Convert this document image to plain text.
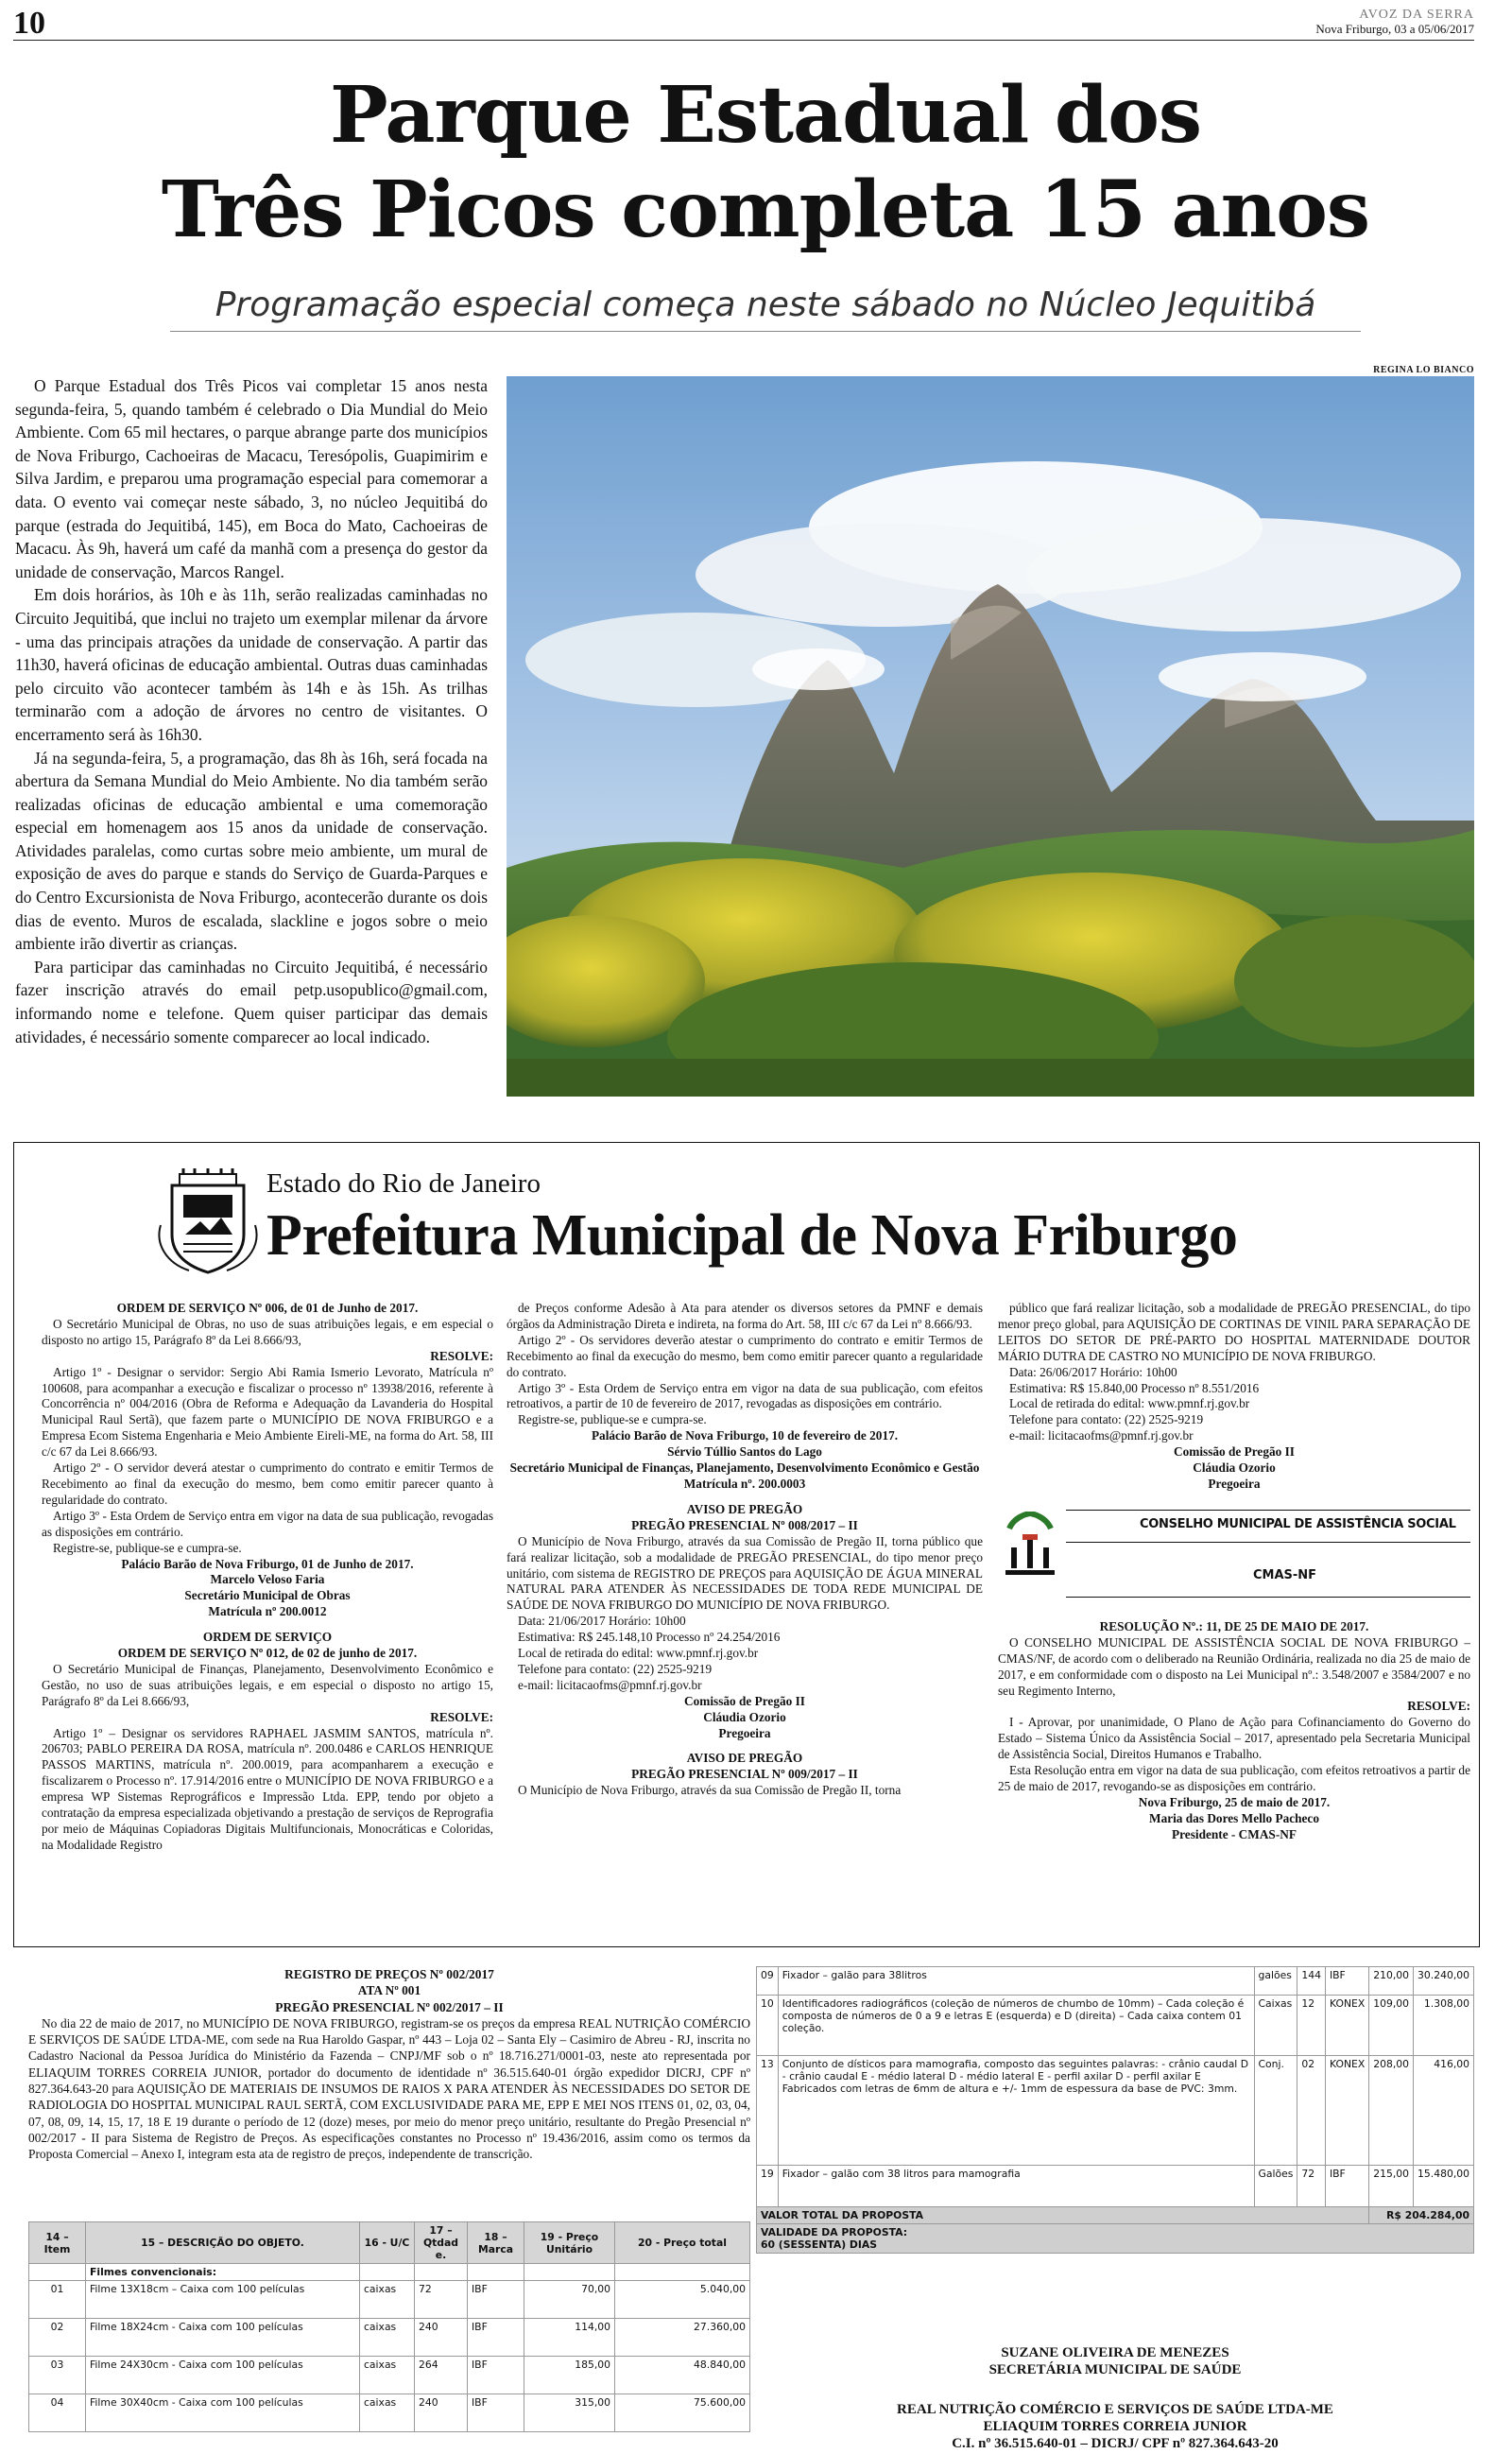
10	AVOZ DA SERRA
Nova Friburgo, 03 a 05/06/2017
Parque Estadual dos
Três Picos completa 15 anos
Programação especial começa neste sábado no Núcleo Jequitibá

O Parque Estadual dos Três Picos vai completar 15 anos nesta segunda-feira, 5, quando também é celebrado o Dia Mundial do Meio Ambiente. Com 65 mil hectares, o parque abrange parte dos municípios de Nova Friburgo, Cachoeiras de Macacu, Teresópolis, Guapimirim e Silva Jardim, e preparou uma programação especial para comemorar a data. O evento vai começar neste sábado, 3, no núcleo Jequitibá do parque (estrada do Jequitibá, 145), em Boca do Mato, Cachoeiras de Macacu. Às 9h, haverá um café da manhã com a presença do gestor da unidade de conservação, Marcos Rangel.

Em dois horários, às 10h e às 11h, serão realizadas caminhadas no Circuito Jequitibá, que inclui no trajeto um exemplar milenar da árvore - uma das principais atrações da unidade de conservação. A partir das 11h30, haverá oficinas de educação ambiental. Outras duas caminhadas pelo circuito vão acontecer também às 14h e às 15h. As trilhas terminarão com a adoção de árvores no centro de visitantes. O encerramento será às 16h30.

Já na segunda-feira, 5, a programação, das 8h às 16h, será focada na abertura da Semana Mundial do Meio Ambiente. No dia também serão realizadas oficinas de educação ambiental e uma comemoração especial em homenagem aos 15 anos da unidade de conservação. Atividades paralelas, como curtas sobre meio ambiente, um mural de exposição de aves do parque e stands do Serviço de Guarda-Parques e do Centro Excursionista de Nova Friburgo, acontecerão durante os dois dias de evento. Muros de escalada, slackline e jogos sobre o meio ambiente irão divertir as crianças.

Para participar das caminhadas no Circuito Jequitibá, é necessário fazer inscrição através do email petp.usopublico@gmail.com, informando nome e telefone. Quem quiser participar das demais atividades, é necessário somente comparecer ao local indicado.

REGINA LO BIANCO
Estado do Rio de Janeiro
Prefeitura Municipal de Nova Friburgo

ORDEM DE SERVIÇO Nº 006, de 01 de Junho de 2017.

O Secretário Municipal de Obras, no uso de suas atribuições legais, e em especial o disposto no artigo 15, Parágrafo 8º da Lei 8.666/93,

RESOLVE:

Artigo 1º - Designar o servidor: Sergio Abi Ramia Ismerio Levorato, Matrícula nº 100608, para acompanhar a execução e fiscalizar o processo nº 13938/2016, referente à Concorrência nº 004/2016 (Obra de Reforma e Adequação da Lavanderia do Hospital Municipal Raul Sertã), que fazem parte o MUNICÍPIO DE NOVA FRIBURGO e a Empresa Ecom Sistema Engenharia e Meio Ambiente Eireli-ME, na forma do Art. 58, III c/c 67 da Lei 8.666/93.

Artigo 2º - O servidor deverá atestar o cumprimento do contrato e emitir Termos de Recebimento ao final da execução do mesmo, bem como emitir parecer quanto à regularidade do contrato.

Artigo 3º - Esta Ordem de Serviço entra em vigor na data de sua publicação, revogadas as disposições em contrário.

Registre-se, publique-se e cumpra-se.

Palácio Barão de Nova Friburgo, 01 de Junho de 2017.

Marcelo Veloso Faria

Secretário Municipal de Obras

Matrícula nº 200.0012

ORDEM DE SERVIÇO

ORDEM DE SERVIÇO Nº 012, de 02 de junho de 2017.

O Secretário Municipal de Finanças, Planejamento, Desenvolvimento Econômico e Gestão, no uso de suas atribuições legais, e em especial o disposto no artigo 15, Parágrafo 8º da Lei 8.666/93,

RESOLVE:

Artigo 1º – Designar os servidores RAPHAEL JASMIM SANTOS, matrícula nº. 206703; PABLO PEREIRA DA ROSA, matrícula nº. 200.0486 e CARLOS HENRIQUE PASSOS MARTINS, matrícula nº. 200.0019, para acompanharem a execução e fiscalizarem o Processo nº. 17.914/2016 entre o MUNICÍPIO DE NOVA FRIBURGO e a empresa WP Sistemas Reprográficos e Impressão Ltda. EPP, tendo por objeto a contratação da empresa especializada objetivando a prestação de serviços de Reprografia por meio de Máquinas Copiadoras Digitais Multifuncionais, Monocráticas e Coloridas, na Modalidade Registro

de Preços conforme Adesão à Ata para atender os diversos setores da PMNF e demais órgãos da Administração Direta e indireta, na forma do Art. 58, III c/c 67 da Lei nº 8.666/93.

Artigo 2º - Os servidores deverão atestar o cumprimento do contrato e emitir Termos de Recebimento ao final da execução do mesmo, bem como emitir parecer quanto a regularidade do contrato.

Artigo 3º - Esta Ordem de Serviço entra em vigor na data de sua publicação, com efeitos retroativos, a partir de 10 de fevereiro de 2017, revogadas as disposições em contrário.

Registre-se, publique-se e cumpra-se.

Palácio Barão de Nova Friburgo, 10 de fevereiro de 2017.

Sérvio Túllio Santos do Lago

Secretário Municipal de Finanças, Planejamento, Desenvolvimento Econômico e Gestão

Matrícula nº. 200.0003

AVISO DE PREGÃO

PREGÃO PRESENCIAL Nº 008/2017 – II

O Município de Nova Friburgo, através da sua Comissão de Pregão II, torna público que fará realizar licitação, sob a modalidade de PREGÃO PRESENCIAL, do tipo menor preço unitário, com sistema de REGISTRO DE PREÇOS para AQUISIÇÃO DE ÁGUA MINERAL NATURAL PARA ATENDER ÀS NECESSIDADES DE TODA REDE MUNICIPAL DE SAÚDE DE NOVA FRIBURGO DO MUNICÍPIO DE NOVA FRIBURGO.

Data: 21/06/2017 Horário: 10h00

Estimativa: R$ 245.148,10 Processo nº 24.254/2016

Local de retirada do edital: www.pmnf.rj.gov.br

Telefone para contato: (22) 2525-9219

e-mail: licitacaofms@pmnf.rj.gov.br

Comissão de Pregão II

Cláudia Ozorio

Pregoeira

AVISO DE PREGÃO

PREGÃO PRESENCIAL Nº 009/2017 – II

O Município de Nova Friburgo, através da sua Comissão de Pregão II, torna

público que fará realizar licitação, sob a modalidade de PREGÃO PRESENCIAL, do tipo menor preço global, para AQUISIÇÃO DE CORTINAS DE VINIL PARA SEPARAÇÃO DE LEITOS DO SETOR DE PRÉ-PARTO DO HOSPITAL MATERNIDADE DOUTOR MÁRIO DUTRA DE CASTRO NO MUNICÍPIO DE NOVA FRIBURGO.

Data: 26/06/2017 Horário: 10h00

Estimativa: R$ 15.840,00 Processo nº 8.551/2016

Local de retirada do edital: www.pmnf.rj.gov.br

Telefone para contato: (22) 2525-9219

e-mail: licitacaofms@pmnf.rj.gov.br

Comissão de Pregão II

Cláudia Ozorio

Pregoeira

CONSELHO MUNICIPAL DE ASSISTÊNCIA SOCIAL
CMAS-NF

RESOLUÇÃO Nº.: 11, DE 25 DE MAIO DE 2017.

O CONSELHO MUNICIPAL DE ASSISTÊNCIA SOCIAL DE NOVA FRIBURGO – CMAS/NF, de acordo com o deliberado na Reunião Ordinária, realizada no dia 25 de maio de 2017, e em conformidade com o disposto na Lei Municipal nº.: 3.548/2007 e 3584/2007 e no seu Regimento Interno,

RESOLVE:

I - Aprovar, por unanimidade, O Plano de Ação para Cofinanciamento do Governo do Estado – Sistema Único da Assistência Social – 2017, apresentado pela Secretaria Municipal de Assistência Social, Direitos Humanos e Trabalho.

Esta Resolução entra em vigor na data de sua publicação, com efeitos retroativos a partir de 25 de maio de 2017, revogando-se as disposições em contrário.

Nova Friburgo, 25 de maio de 2017.

Maria das Dores Mello Pacheco

Presidente - CMAS-NF

REGISTRO DE PREÇOS Nº 002/2017
ATA Nº 001
PREGÃO PRESENCIAL Nº 002/2017 – II

No dia 22 de maio de 2017, no MUNICÍPIO DE NOVA FRIBURGO, registram-se os preços da empresa REAL NUTRIÇÃO COMÉRCIO E SERVIÇOS DE SAÚDE LTDA-ME, com sede na Rua Haroldo Gaspar, nº 443 – Loja 02 – Santa Ely – Casimiro de Abreu - RJ, inscrita no Cadastro Nacional da Pessoa Jurídica do Ministério da Fazenda – CNPJ/MF sob o nº 18.716.271/0001-03, neste ato representada por ELIAQUIM TORRES CORREIA JUNIOR, portador do documento de identidade nº 36.515.640-01 órgão expedidor DICRJ, CPF nº 827.364.643-20 para AQUISIÇÃO DE MATERIAIS DE INSUMOS DE RAIOS X PARA ATENDER ÀS NECESSIDADES DO SETOR DE RADIOLOGIA DO HOSPITAL MUNICIPAL RAUL SERTÃ, COM EXCLUSIVIDADE PARA ME, EPP E MEI NOS ITENS 01, 02, 03, 04, 07, 08, 09, 14, 15, 17, 18 E 19 durante o período de 12 (doze) meses, por meio do menor preço unitário, resultante do Pregão Presencial nº 002/2017 - II para Sistema de Registro de Preços. As especificações constantes no Processo nº 19.436/2016, assim como os termos da Proposta Comercial – Anexo I, integram esta ata de registro de preços, independente de transcrição.

14 – Item	15 – DESCRIÇÃO DO OBJETO.	16 - U/C	17 – Qtdad e.	18 – Marca	19 - Preço Unitário	20 - Preço total
	Filmes convencionais:					
01	Filme 13X18cm – Caixa com 100 películas	caixas	72	IBF	70,00	5.040,00
02	Filme 18X24cm - Caixa com 100 películas	caixas	240	IBF	114,00	27.360,00
03	Filme 24X30cm - Caixa com 100 películas	caixas	264	IBF	185,00	48.840,00
04	Filme 30X40cm - Caixa com 100 películas	caixas	240	IBF	315,00	75.600,00
09	Fixador – galão para 38litros	galões	144	IBF	210,00	30.240,00
10	Identificadores radiográficos (coleção de números de chumbo de 10mm) – Cada coleção é composta de números de 0 a 9 e letras E (esquerda) e D (direita) – Cada caixa contem 01 coleção.	Caixas	12	KONEX	109,00	1.308,00
13	Conjunto de dísticos para mamografia, composto das seguintes palavras: - crânio caudal D - crânio caudal E - médio lateral D - médio lateral E - perfil axilar D - perfil axilar E Fabricados com letras de 6mm de altura e +/- 1mm de espessura da base de PVC: 3mm.	Conj.	02	KONEX	208,00	416,00
19	Fixador – galão com 38 litros para mamografia	Galões	72	IBF	215,00	15.480,00
VALOR TOTAL DA PROPOSTA					R$ 204.284,00	

VALIDADE DA PROPOSTA:
60 (SESSENTA) DIAS						
SUZANE OLIVEIRA DE MENEZES
SECRETÁRIA MUNICIPAL DE SAÚDE
REAL NUTRIÇÃO COMÉRCIO E SERVIÇOS DE SAÚDE LTDA-ME
ELIAQUIM TORRES CORREIA JUNIOR
C.I. nº 36.515.640-01 – DICRJ/ CPF nº 827.364.643-20
